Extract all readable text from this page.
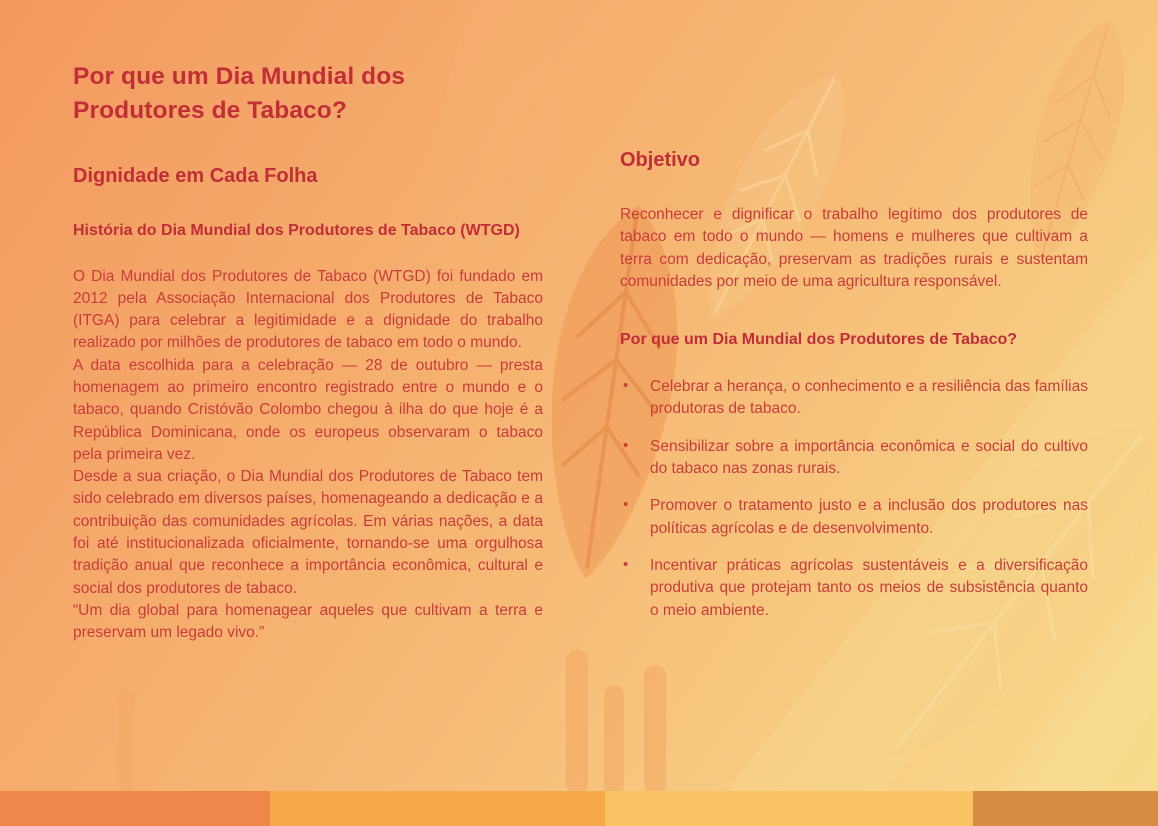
Por que um Dia Mundial dos Produtores de Tabaco?
Dignidade em Cada Folha
História do Dia Mundial dos Produtores de Tabaco (WTGD)

O Dia Mundial dos Produtores de Tabaco (WTGD) foi fundado em 2012 pela Associação Internacional dos Produtores de Tabaco (ITGA) para celebrar a legitimidade e a dignidade do trabalho realizado por milhões de produtores de tabaco em todo o mundo.

A data escolhida para a celebração — 28 de outubro — presta homenagem ao primeiro encontro registrado entre o mundo e o tabaco, quando Cristóvão Colombo chegou à ilha do que hoje é a República Dominicana, onde os europeus observaram o tabaco pela primeira vez.

Desde a sua criação, o Dia Mundial dos Produtores de Tabaco tem sido celebrado em diversos países, homenageando a dedicação e a contribuição das comunidades agrícolas. Em várias nações, a data foi até institucionalizada oficialmente, tornando-se uma orgulhosa tradição anual que reconhece a importância econômica, cultural e social dos produtores de tabaco.

“Um dia global para homenagear aqueles que cultivam a terra e preservam um legado vivo.”

Objetivo

Reconhecer e dignificar o trabalho legítimo dos produtores de tabaco em todo o mundo — homens e mulheres que cultivam a terra com dedicação, preservam as tradições rurais e sustentam comunidades por meio de uma agricultura responsável.

Por que um Dia Mundial dos Produtores de Tabaco?
• Celebrar a herança, o conhecimento e a resiliência das famílias produtoras de tabaco.
• Sensibilizar sobre a importância econômica e social do cultivo do tabaco nas zonas rurais.
• Promover o tratamento justo e a inclusão dos produtores nas políticas agrícolas e de desenvolvimento.
• Incentivar práticas agrícolas sustentáveis e a diversificação produtiva que protejam tanto os meios de subsistência quanto o meio ambiente.
